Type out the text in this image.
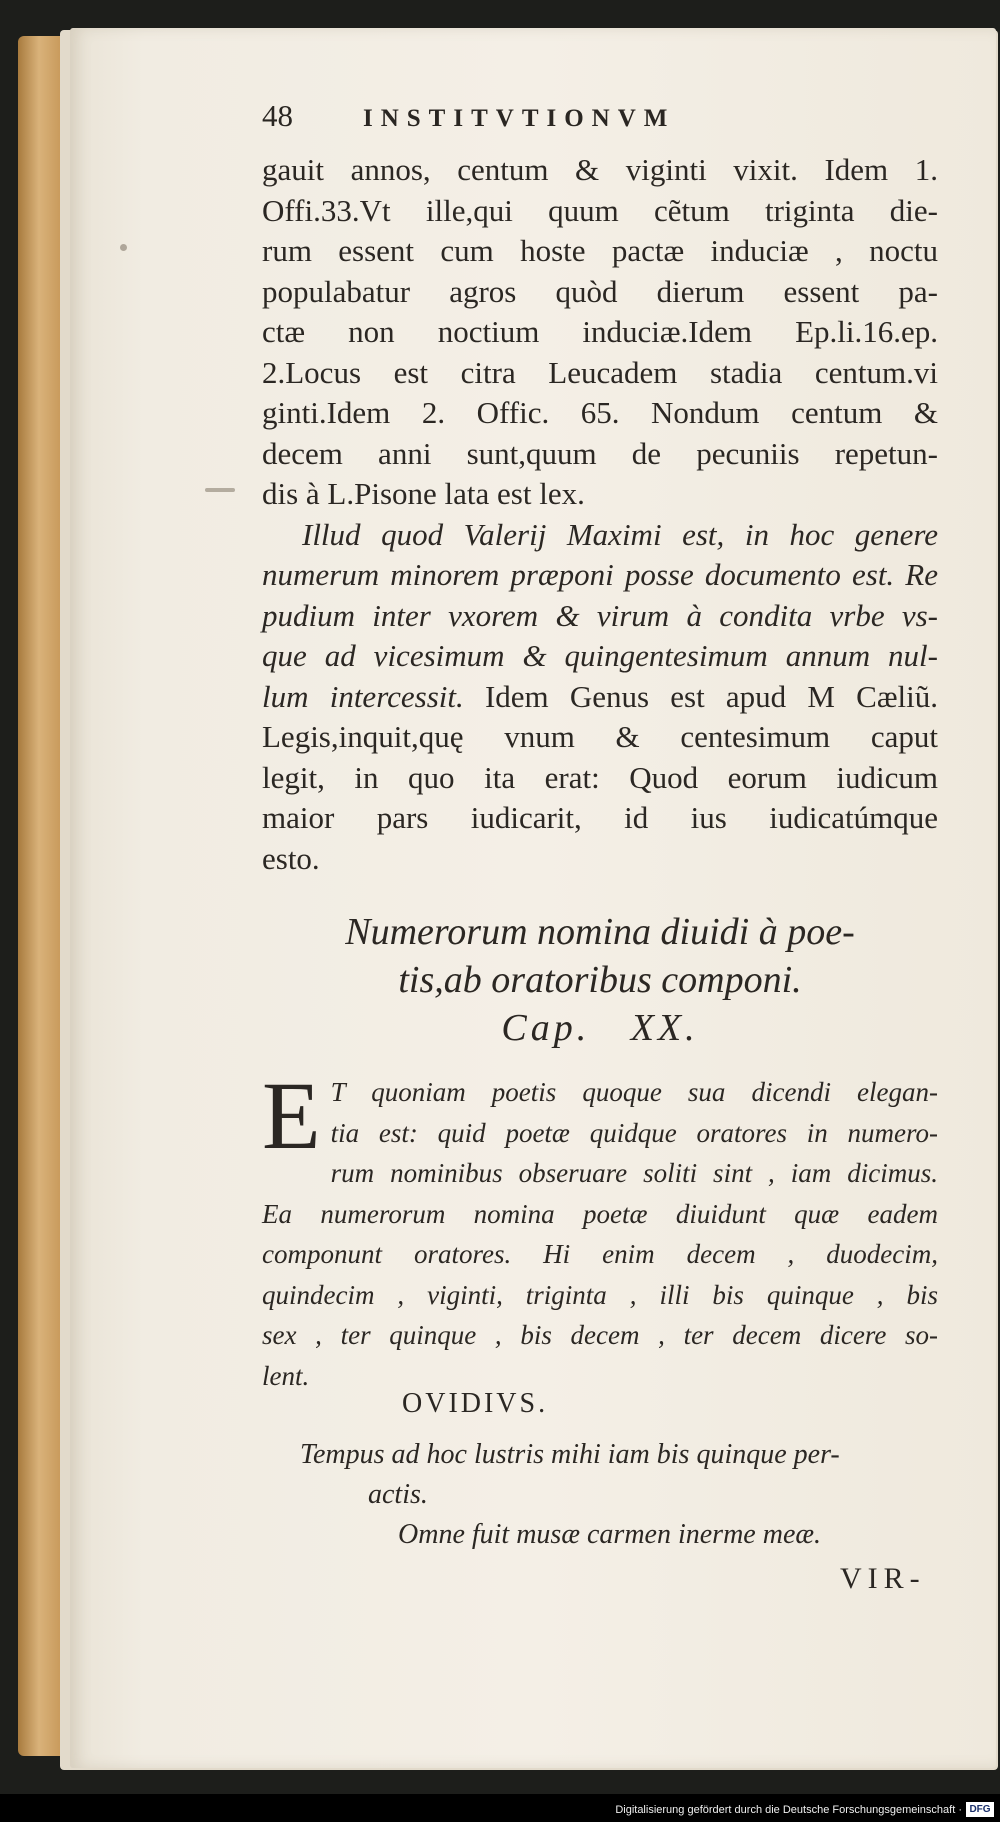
48	INSTITVTIONVM
gauit annos, centum & viginti vixit. Idem 1.
Offi.33.Vt ille,qui quum cẽtum triginta die-
rum essent cum hoste pactæ induciæ , noctu
populabatur agros quòd dierum essent pa-
ctæ non noctium induciæ.Idem Ep.li.16.ep.
2.Locus est citra Leucadem stadia centum.vi
ginti.Idem 2. Offic. 65. Nondum centum &
decem anni sunt,quum de pecuniis repetun-
dis à L.Pisone lata est lex.
Illud quod Valerij Maximi est, in hoc genere
numerum minorem præponi posse documento est. Re
pudium inter vxorem & virum à condita vrbe vs-
que ad vicesimum & quingentesimum annum nul-
lum intercessit. Idem Genus est apud M Cæliũ.
Legis,inquit,quę vnum & centesimum caput
legit, in quo ita erat: Quod eorum iudicum
maior pars iudicarit, id ius iudicatúmque
esto.
Numerorum nomina diuidi à poe-
tis,ab oratoribus componi.
Cap. XX.
E T quoniam poetis quoque sua dicendi elegan-
tia est: quid poetæ quidque oratores in numero-
rum nominibus obseruare soliti sint , iam dicimus.
Ea numerorum nomina poetæ diuidunt quæ eadem
componunt oratores. Hi enim decem , duodecim,
quindecim , viginti, triginta , illi bis quinque , bis
sex , ter quinque , bis decem , ter decem dicere so-
lent.
OVIDIVS.
Tempus ad hoc lustris mihi iam bis quinque per-
actis.
Omne fuit musæ carmen inerme meæ.
VIR-
Digitalisierung gefördert durch die Deutsche Forschungsgemeinschaft · DFG
